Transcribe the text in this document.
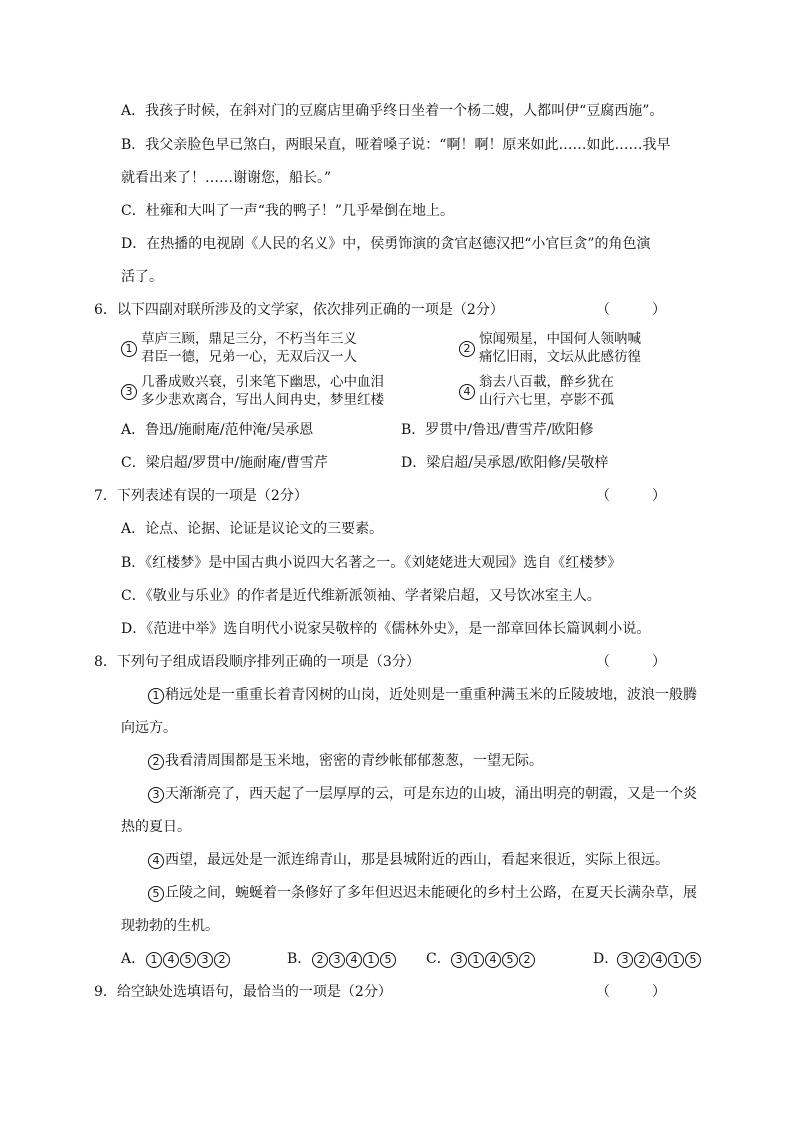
A．我孩子时候，在斜对门的豆腐店里确乎终日坐着一个杨二嫂，人都叫伊“豆腐西施”。
B．我父亲脸色早已煞白，两眼呆直，哑着嗓子说：“啊！啊！原来如此……如此……我早
就看出来了！……谢谢您，船长。”
C．杜雍和大叫了一声“我的鸭子！”几乎晕倒在地上。
D．在热播的电视剧《人民的名义》中，侯勇饰演的贪官赵德汉把“小官巨贪”的角色演
活了。
6．以下四副对联所涉及的文学家，依次排列正确的一项是（2分）	（　　　）
1
草庐三顾，鼎足三分，不朽当年三义
君臣一德，兄弟一心，无双后汉一人
2
惊闻殒星，中国何人领呐喊
痛忆旧雨，文坛从此感彷徨
3
几番成败兴衰，引来笔下幽思，心中血泪
多少悲欢离合，写出人间冉史，梦里红楼
4
翁去八百載，醉乡犹在
山行六七里，亭影不孤
A．鲁迅/施耐庵/范仲淹/吴承恩	B．罗贯中/鲁迅/曹雪芹/欧阳修
C．梁启超/罗贯中/施耐庵/曹雪芹	D．梁启超/吴承恩/欧阳修/吴敬梓
7．下列表述有误的一项是（2分）	（　　　）
A．论点、论据、论证是议论文的三要素。
B．《红楼梦》是中国古典小说四大名著之一。《刘姥姥进大观园》选自《红楼梦》
C．《敬业与乐业》的作者是近代维新派领袖、学者梁启超，又号饮冰室主人。
D．《范进中举》选自明代小说家吴敬梓的《儒林外史》，是一部章回体长篇讽刺小说。
8．下列句子组成语段顺序排列正确的一项是（3分）	（　　　）
1 稍远处是一重重长着青冈树的山岗，近处则是一重重种满玉米的丘陵坡地，波浪一般腾
向远方。
2 我看清周围都是玉米地，密密的青纱帐郁郁葱葱，一望无际。
3 天渐渐亮了，西天起了一层厚厚的云，可是东边的山坡，涌出明亮的朝霞，又是一个炎
热的夏日。
4 西望，最远处是一派连绵青山，那是县城附近的西山，看起来很近，实际上很远。
5 丘陵之间，蜿蜒着一条修好了多年但迟迟未能硬化的乡村土公路，在夏天长满杂草，展
现勃勃的生机。
A． 1 4 5 3 2	B． 2 3 4 1 5	C． 3 1 4 5 2	D． 3 2 4 1 5
9．给空缺处选填语句，最恰当的一项是（2分）	（　　　）
